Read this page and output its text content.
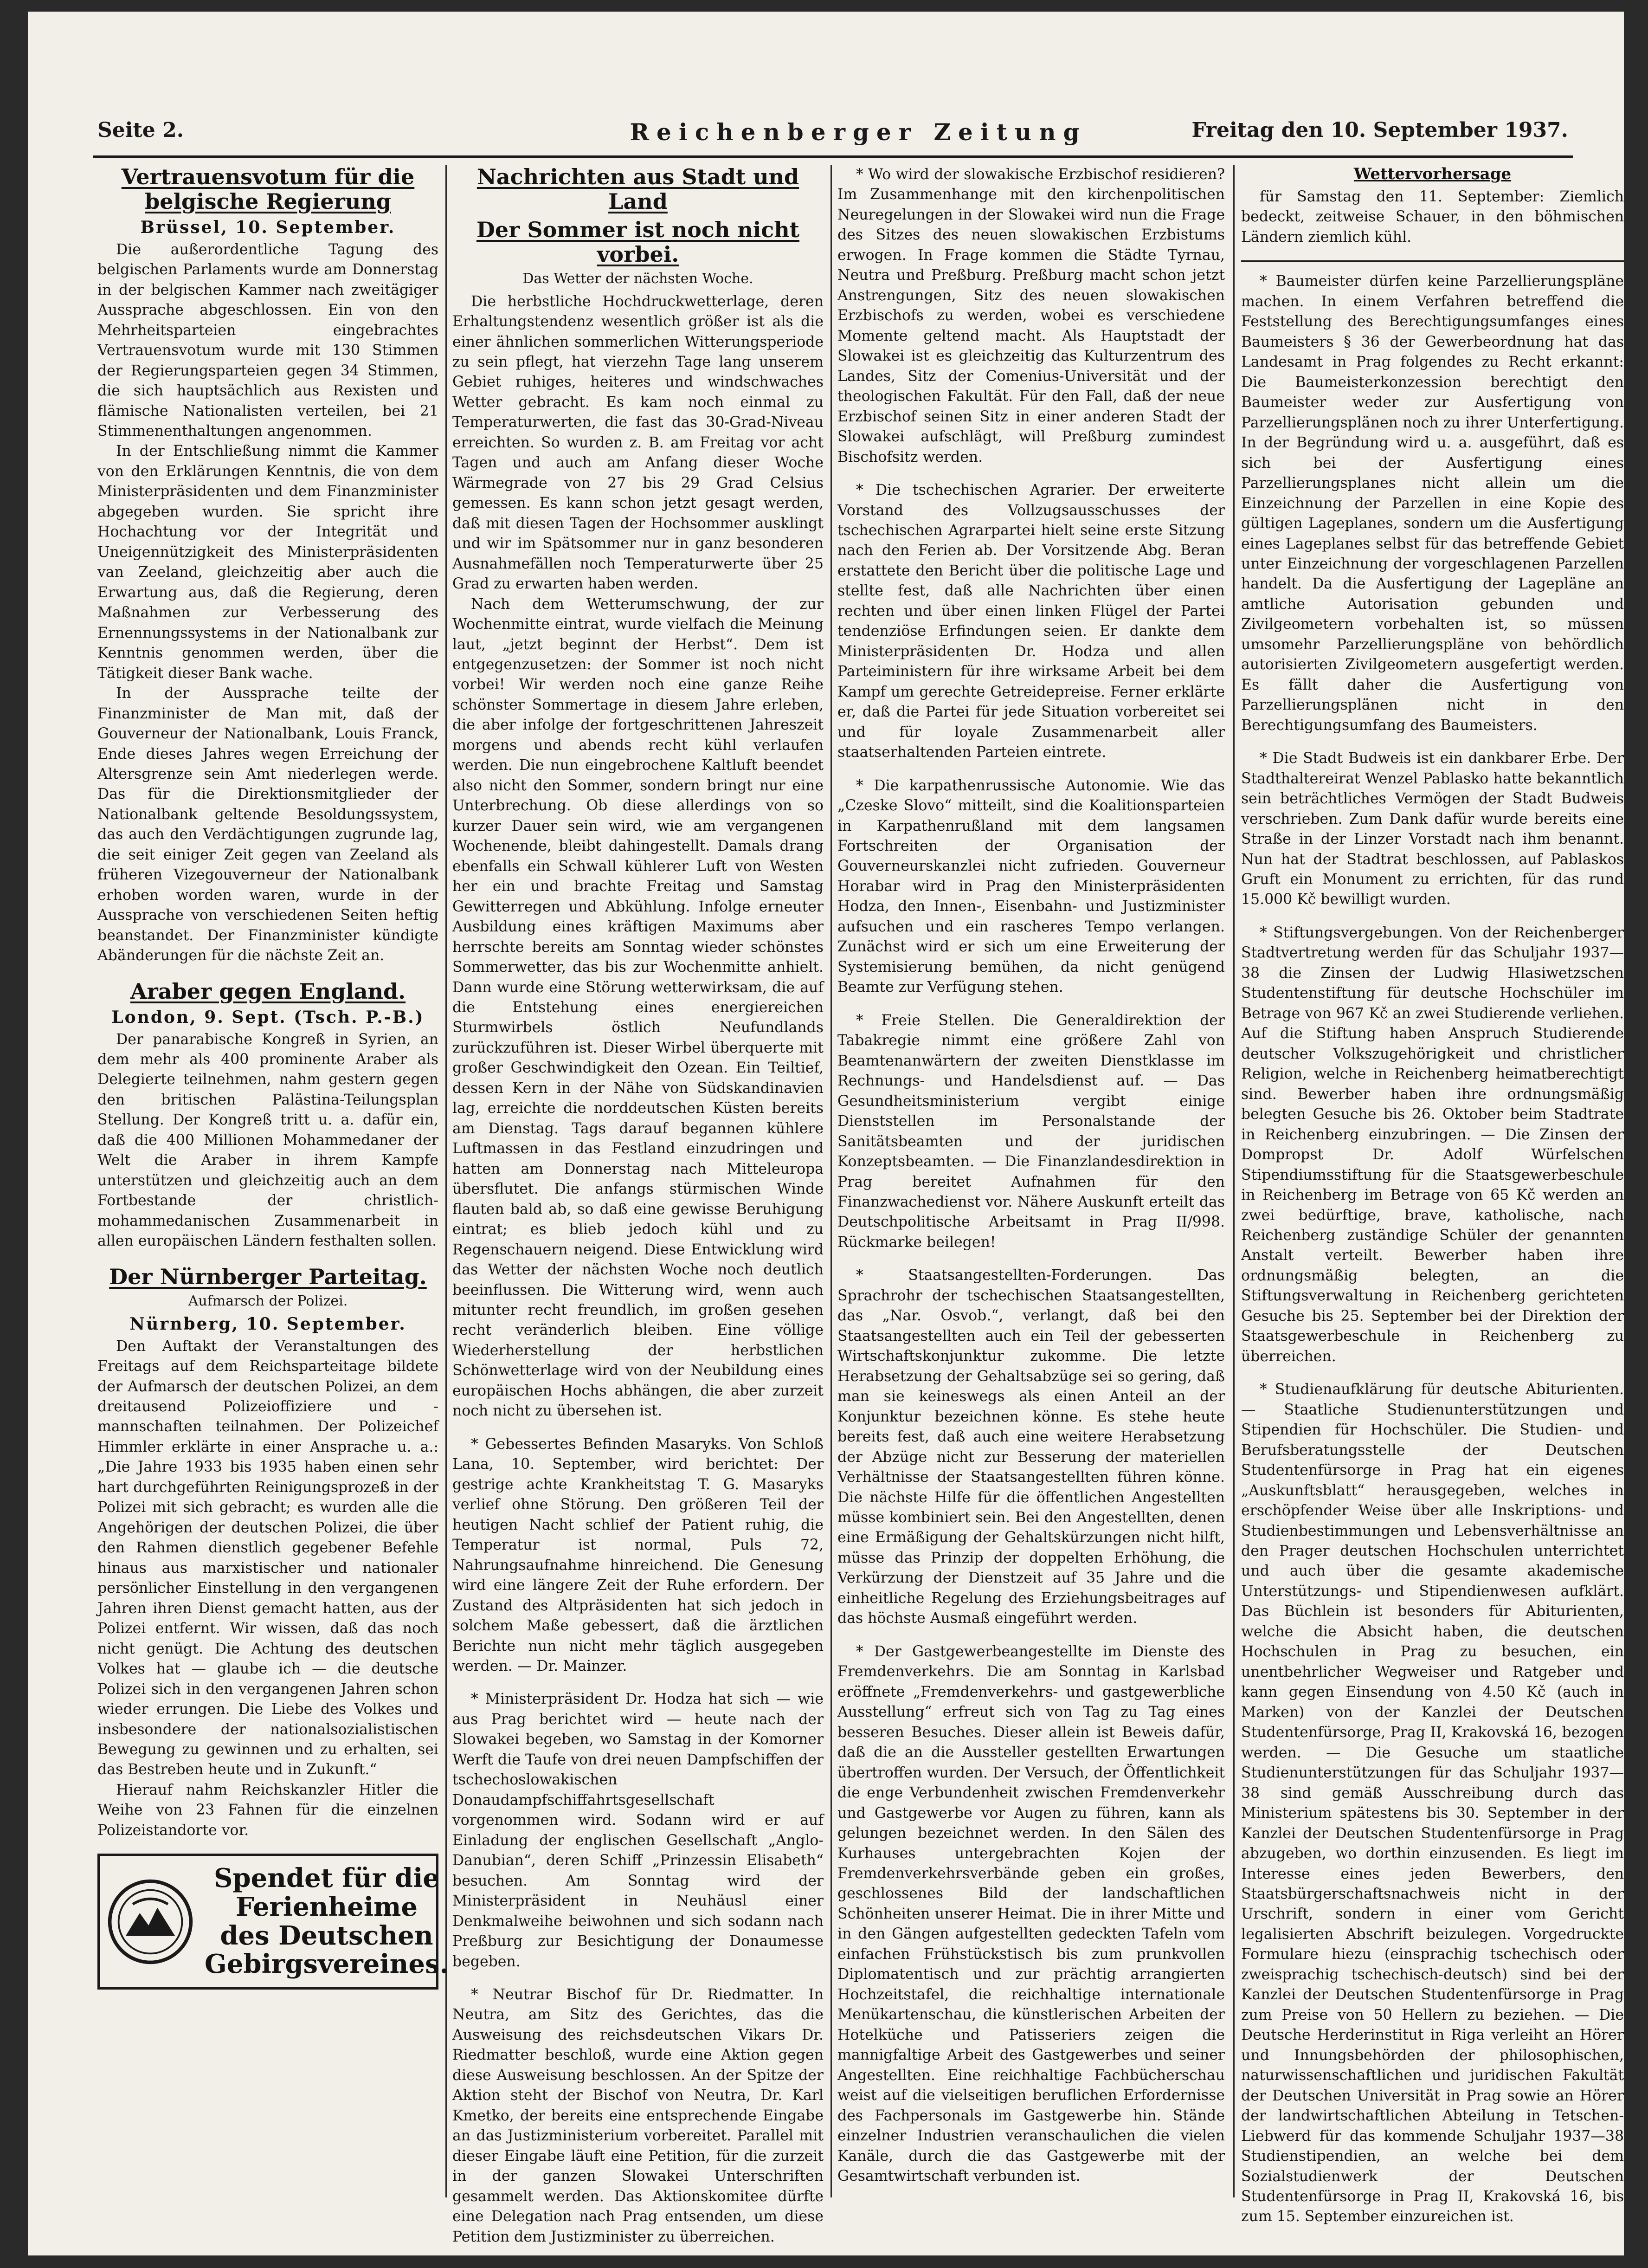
Seite 2.	Reichenberger Zeitung	Freitag den 10. September 1937.
Vertrauensvotum für die belgische Regierung
Brüssel, 10. September.

Die außerordentliche Tagung des belgischen Parlaments wurde am Donnerstag in der belgischen Kammer nach zweitägiger Aussprache abgeschlossen. Ein von den Mehrheitsparteien eingebrachtes Vertrauensvotum wurde mit 130 Stimmen der Regierungsparteien gegen 34 Stimmen, die sich hauptsächlich aus Rexisten und flämische Nationalisten verteilen, bei 21 Stimmenenthaltungen angenommen.

In der Entschließung nimmt die Kammer von den Erklärungen Kenntnis, die von dem Ministerpräsidenten und dem Finanzminister abgegeben wurden. Sie spricht ihre Hochachtung vor der Integrität und Uneigennützigkeit des Ministerpräsidenten van Zeeland, gleichzeitig aber auch die Erwartung aus, daß die Regierung, deren Maßnahmen zur Verbesserung des Ernennungssystems in der Nationalbank zur Kenntnis genommen werden, über die Tätigkeit dieser Bank wache.

In der Aussprache teilte der Finanzminister de Man mit, daß der Gouverneur der Nationalbank, Louis Franck, Ende dieses Jahres wegen Erreichung der Altersgrenze sein Amt niederlegen werde. Das für die Direktionsmitglieder der Nationalbank geltende Besoldungssystem, das auch den Verdächtigungen zugrunde lag, die seit einiger Zeit gegen van Zeeland als früheren Vizegouverneur der Nationalbank erhoben worden waren, wurde in der Aussprache von verschiedenen Seiten heftig beanstandet. Der Finanzminister kündigte Abänderungen für die nächste Zeit an.

Araber gegen England.
London, 9. Sept. (Tsch. P.-B.)

Der panarabische Kongreß in Syrien, an dem mehr als 400 prominente Araber als Delegierte teilnehmen, nahm gestern gegen den britischen Palästina-Teilungsplan Stellung. Der Kongreß tritt u. a. dafür ein, daß die 400 Millionen Mohammedaner der Welt die Araber in ihrem Kampfe unterstützen und gleichzeitig auch an dem Fortbestande der christlich-mohammedanischen Zusammenarbeit in allen europäischen Ländern festhalten sollen.

Der Nürnberger Parteitag.
Aufmarsch der Polizei.
Nürnberg, 10. September.

Den Auftakt der Veranstaltungen des Freitags auf dem Reichsparteitage bildete der Aufmarsch der deutschen Polizei, an dem dreitausend Polizeioffiziere und -mannschaften teilnahmen. Der Polizeichef Himmler erklärte in einer Ansprache u. a.: „Die Jahre 1933 bis 1935 haben einen sehr hart durchgeführten Reinigungsprozeß in der Polizei mit sich gebracht; es wurden alle die Angehörigen der deutschen Polizei, die über den Rahmen dienstlich gegebener Befehle hinaus aus marxistischer und nationaler persönlicher Einstellung in den vergangenen Jahren ihren Dienst gemacht hatten, aus der Polizei entfernt. Wir wissen, daß das noch nicht genügt. Die Achtung des deutschen Volkes hat — glaube ich — die deutsche Polizei sich in den vergangenen Jahren schon wieder errungen. Die Liebe des Volkes und insbesondere der nationalsozialistischen Bewegung zu gewinnen und zu erhalten, sei das Bestreben heute und in Zukunft.“

Hierauf nahm Reichskanzler Hitler die Weihe von 23 Fahnen für die einzelnen Polizeistandorte vor.

Spendet für die
Ferienheime
des Deutschen
Gebirgsvereines.
Nachrichten aus Stadt und Land
Der Sommer ist noch nicht vorbei.
Das Wetter der nächsten Woche.

Die herbstliche Hochdruckwetterlage, deren Erhaltungstendenz wesentlich größer ist als die einer ähnlichen sommerlichen Witterungsperiode zu sein pflegt, hat vierzehn Tage lang unserem Gebiet ruhiges, heiteres und windschwaches Wetter gebracht. Es kam noch einmal zu Temperaturwerten, die fast das 30-Grad-Niveau erreichten. So wurden z. B. am Freitag vor acht Tagen und auch am Anfang dieser Woche Wärmegrade von 27 bis 29 Grad Celsius gemessen. Es kann schon jetzt gesagt werden, daß mit diesen Tagen der Hochsommer ausklingt und wir im Spätsommer nur in ganz besonderen Ausnahmefällen noch Temperaturwerte über 25 Grad zu erwarten haben werden.

Nach dem Wetterumschwung, der zur Wochenmitte eintrat, wurde vielfach die Meinung laut, „jetzt beginnt der Herbst“. Dem ist entgegenzusetzen: der Sommer ist noch nicht vorbei! Wir werden noch eine ganze Reihe schönster Sommertage in diesem Jahre erleben, die aber infolge der fortgeschrittenen Jahreszeit morgens und abends recht kühl verlaufen werden. Die nun eingebrochene Kaltluft beendet also nicht den Sommer, sondern bringt nur eine Unterbrechung. Ob diese allerdings von so kurzer Dauer sein wird, wie am vergangenen Wochenende, bleibt dahingestellt. Damals drang ebenfalls ein Schwall kühlerer Luft von Westen her ein und brachte Freitag und Samstag Gewitterregen und Abkühlung. Infolge erneuter Ausbildung eines kräftigen Maximums aber herrschte bereits am Sonntag wieder schönstes Sommerwetter, das bis zur Wochenmitte anhielt. Dann wurde eine Störung wetterwirksam, die auf die Entstehung eines energiereichen Sturmwirbels östlich Neufundlands zurückzuführen ist. Dieser Wirbel überquerte mit großer Geschwindigkeit den Ozean. Ein Teiltief, dessen Kern in der Nähe von Südskandinavien lag, erreichte die norddeutschen Küsten bereits am Dienstag. Tags darauf begannen kühlere Luftmassen in das Festland einzudringen und hatten am Donnerstag nach Mitteleuropa übersflutet. Die anfangs stürmischen Winde flauten bald ab, so daß eine gewisse Beruhigung eintrat; es blieb jedoch kühl und zu Regenschauern neigend. Diese Entwicklung wird das Wetter der nächsten Woche noch deutlich beeinflussen. Die Witterung wird, wenn auch mitunter recht freundlich, im großen gesehen recht veränderlich bleiben. Eine völlige Wiederherstellung der herbstlichen Schönwetterlage wird von der Neubildung eines europäischen Hochs abhängen, die aber zurzeit noch nicht zu übersehen ist.

* Gebessertes Befinden Masaryks. Von Schloß Lana, 10. September, wird berichtet: Der gestrige achte Krankheitstag T. G. Masaryks verlief ohne Störung. Den größeren Teil der heutigen Nacht schlief der Patient ruhig, die Temperatur ist normal, Puls 72, Nahrungsaufnahme hinreichend. Die Genesung wird eine längere Zeit der Ruhe erfordern. Der Zustand des Altpräsidenten hat sich jedoch in solchem Maße gebessert, daß die ärztlichen Berichte nun nicht mehr täglich ausgegeben werden. — Dr. Mainzer.

* Ministerpräsident Dr. Hodza hat sich — wie aus Prag berichtet wird — heute nach der Slowakei begeben, wo Samstag in der Komorner Werft die Taufe von drei neuen Dampfschiffen der tschechoslowakischen Donaudampfschiffahrtsgesellschaft vorgenommen wird. Sodann wird er auf Einladung der englischen Gesellschaft „Anglo-Danubian“, deren Schiff „Prinzessin Elisabeth“ besuchen. Am Sonntag wird der Ministerpräsident in Neuhäusl einer Denkmalweihe beiwohnen und sich sodann nach Preßburg zur Besichtigung der Donaumesse begeben.

* Neutrar Bischof für Dr. Riedmatter. In Neutra, am Sitz des Gerichtes, das die Ausweisung des reichsdeutschen Vikars Dr. Riedmatter beschloß, wurde eine Aktion gegen diese Ausweisung beschlossen. An der Spitze der Aktion steht der Bischof von Neutra, Dr. Karl Kmetko, der bereits eine entsprechende Eingabe an das Justizministerium vorbereitet. Parallel mit dieser Eingabe läuft eine Petition, für die zurzeit in der ganzen Slowakei Unterschriften gesammelt werden. Das Aktionskomitee dürfte eine Delegation nach Prag entsenden, um diese Petition dem Justizminister zu überreichen.

* Wo wird der slowakische Erzbischof residieren? Im Zusammenhange mit den kirchenpolitischen Neuregelungen in der Slowakei wird nun die Frage des Sitzes des neuen slowakischen Erzbistums erwogen. In Frage kommen die Städte Tyrnau, Neutra und Preßburg. Preßburg macht schon jetzt Anstrengungen, Sitz des neuen slowakischen Erzbischofs zu werden, wobei es verschiedene Momente geltend macht. Als Hauptstadt der Slowakei ist es gleichzeitig das Kulturzentrum des Landes, Sitz der Comenius-Universität und der theologischen Fakultät. Für den Fall, daß der neue Erzbischof seinen Sitz in einer anderen Stadt der Slowakei aufschlägt, will Preßburg zumindest Bischofsitz werden.

* Die tschechischen Agrarier. Der erweiterte Vorstand des Vollzugsausschusses der tschechischen Agrarpartei hielt seine erste Sitzung nach den Ferien ab. Der Vorsitzende Abg. Beran erstattete den Bericht über die politische Lage und stellte fest, daß alle Nachrichten über einen rechten und über einen linken Flügel der Partei tendenziöse Erfindungen seien. Er dankte dem Ministerpräsidenten Dr. Hodza und allen Parteiministern für ihre wirksame Arbeit bei dem Kampf um gerechte Getreidepreise. Ferner erklärte er, daß die Partei für jede Situation vorbereitet sei und für loyale Zusammenarbeit aller staatserhaltenden Parteien eintrete.

* Die karpathenrussische Autonomie. Wie das „Czeske Slovo“ mitteilt, sind die Koalitionsparteien in Karpathenrußland mit dem langsamen Fortschreiten der Organisation der Gouverneurskanzlei nicht zufrieden. Gouverneur Horabar wird in Prag den Ministerpräsidenten Hodza, den Innen-, Eisenbahn- und Justizminister aufsuchen und ein rascheres Tempo verlangen. Zunächst wird er sich um eine Erweiterung der Systemisierung bemühen, da nicht genügend Beamte zur Verfügung stehen.

* Freie Stellen. Die Generaldirektion der Tabakregie nimmt eine größere Zahl von Beamtenanwärtern der zweiten Dienstklasse im Rechnungs- und Handelsdienst auf. — Das Gesundheitsministerium vergibt einige Dienststellen im Personalstande der Sanitätsbeamten und der juridischen Konzeptsbeamten. — Die Finanzlandesdirektion in Prag bereitet Aufnahmen für den Finanzwachedienst vor. Nähere Auskunft erteilt das Deutschpolitische Arbeitsamt in Prag II/998. Rückmarke beilegen!

* Staatsangestellten-Forderungen. Das Sprachrohr der tschechischen Staatsangestellten, das „Nar. Osvob.“, verlangt, daß bei den Staatsangestellten auch ein Teil der gebesserten Wirtschaftskonjunktur zukomme. Die letzte Herabsetzung der Gehaltsabzüge sei so gering, daß man sie keineswegs als einen Anteil an der Konjunktur bezeichnen könne. Es stehe heute bereits fest, daß auch eine weitere Herabsetzung der Abzüge nicht zur Besserung der materiellen Verhältnisse der Staatsangestellten führen könne. Die nächste Hilfe für die öffentlichen Angestellten müsse kombiniert sein. Bei den Angestellten, denen eine Ermäßigung der Gehaltskürzungen nicht hilft, müsse das Prinzip der doppelten Erhöhung, die Verkürzung der Dienstzeit auf 35 Jahre und die einheitliche Regelung des Erziehungsbeitrages auf das höchste Ausmaß eingeführt werden.

* Der Gastgewerbeangestellte im Dienste des Fremdenverkehrs. Die am Sonntag in Karlsbad eröffnete „Fremdenverkehrs- und gastgewerbliche Ausstellung“ erfreut sich von Tag zu Tag eines besseren Besuches. Dieser allein ist Beweis dafür, daß die an die Aussteller gestellten Erwartungen übertroffen wurden. Der Versuch, der Öffentlichkeit die enge Verbundenheit zwischen Fremdenverkehr und Gastgewerbe vor Augen zu führen, kann als gelungen bezeichnet werden. In den Sälen des Kurhauses untergebrachten Kojen der Fremdenverkehrsverbände geben ein großes, geschlossenes Bild der landschaftlichen Schönheiten unserer Heimat. Die in ihrer Mitte und in den Gängen aufgestellten gedeckten Tafeln vom einfachen Frühstückstisch bis zum prunkvollen Diplomatentisch und zur prächtig arrangierten Hochzeitstafel, die reichhaltige internationale Menükartenschau, die künstlerischen Arbeiten der Hotelküche und Patisseriers zeigen die mannigfaltige Arbeit des Gastgewerbes und seiner Angestellten. Eine reichhaltige Fachbücherschau weist auf die vielseitigen beruflichen Erfordernisse des Fachpersonals im Gastgewerbe hin. Stände einzelner Industrien veranschaulichen die vielen Kanäle, durch die das Gastgewerbe mit der Gesamtwirtschaft verbunden ist.

Wettervorhersage

für Samstag den 11. September: Ziemlich bedeckt, zeitweise Schauer, in den böhmischen Ländern ziemlich kühl.

* Baumeister dürfen keine Parzellierungspläne machen. In einem Verfahren betreffend die Feststellung des Berechtigungsumfanges eines Baumeisters § 36 der Gewerbeordnung hat das Landesamt in Prag folgendes zu Recht erkannt: Die Baumeisterkonzession berechtigt den Baumeister weder zur Ausfertigung von Parzellierungsplänen noch zu ihrer Unterfertigung. In der Begründung wird u. a. ausgeführt, daß es sich bei der Ausfertigung eines Parzellierungsplanes nicht allein um die Einzeichnung der Parzellen in eine Kopie des gültigen Lageplanes, sondern um die Ausfertigung eines Lageplanes selbst für das betreffende Gebiet unter Einzeichnung der vorgeschlagenen Parzellen handelt. Da die Ausfertigung der Lagepläne an amtliche Autorisation gebunden und Zivilgeometern vorbehalten ist, so müssen umsomehr Parzellierungspläne von behördlich autorisierten Zivilgeometern ausgefertigt werden. Es fällt daher die Ausfertigung von Parzellierungsplänen nicht in den Berechtigungsumfang des Baumeisters.

* Die Stadt Budweis ist ein dankbarer Erbe. Der Stadthaltereirat Wenzel Pablasko hatte bekanntlich sein beträchtliches Vermögen der Stadt Budweis verschrieben. Zum Dank dafür wurde bereits eine Straße in der Linzer Vorstadt nach ihm benannt. Nun hat der Stadtrat beschlossen, auf Pablaskos Gruft ein Monument zu errichten, für das rund 15.000 Kč bewilligt wurden.

* Stiftungsvergebungen. Von der Reichenberger Stadtvertretung werden für das Schuljahr 1937—38 die Zinsen der Ludwig Hlasiwetzschen Studentenstiftung für deutsche Hochschüler im Betrage von 967 Kč an zwei Studierende verliehen. Auf die Stiftung haben Anspruch Studierende deutscher Volkszugehörigkeit und christlicher Religion, welche in Reichenberg heimatberechtigt sind. Bewerber haben ihre ordnungsmäßig belegten Gesuche bis 26. Oktober beim Stadtrate in Reichenberg einzubringen. — Die Zinsen der Dompropst Dr. Adolf Würfelschen Stipendiumsstiftung für die Staatsgewerbeschule in Reichenberg im Betrage von 65 Kč werden an zwei bedürftige, brave, katholische, nach Reichenberg zuständige Schüler der genannten Anstalt verteilt. Bewerber haben ihre ordnungsmäßig belegten, an die Stiftungsverwaltung in Reichenberg gerichteten Gesuche bis 25. September bei der Direktion der Staatsgewerbeschule in Reichenberg zu überreichen.

* Studienaufklärung für deutsche Abiturienten. — Staatliche Studienunterstützungen und Stipendien für Hochschüler. Die Studien- und Berufsberatungsstelle der Deutschen Studentenfürsorge in Prag hat ein eigenes „Auskunftsblatt“ herausgegeben, welches in erschöpfender Weise über alle Inskriptions- und Studienbestimmungen und Lebensverhältnisse an den Prager deutschen Hochschulen unterrichtet und auch über die gesamte akademische Unterstützungs- und Stipendienwesen aufklärt. Das Büchlein ist besonders für Abiturienten, welche die Absicht haben, die deutschen Hochschulen in Prag zu besuchen, ein unentbehrlicher Wegweiser und Ratgeber und kann gegen Einsendung von 4.50 Kč (auch in Marken) von der Kanzlei der Deutschen Studentenfürsorge, Prag II, Krakovská 16, bezogen werden. — Die Gesuche um staatliche Studienunterstützungen für das Schuljahr 1937—38 sind gemäß Ausschreibung durch das Ministerium spätestens bis 30. September in der Kanzlei der Deutschen Studentenfürsorge in Prag abzugeben, wo dorthin einzusenden. Es liegt im Interesse eines jeden Bewerbers, den Staatsbürgerschaftsnachweis nicht in der Urschrift, sondern in einer vom Gericht legalisierten Abschrift beizulegen. Vorgedruckte Formulare hiezu (einsprachig tschechisch oder zweisprachig tschechisch-deutsch) sind bei der Kanzlei der Deutschen Studentenfürsorge in Prag zum Preise von 50 Hellern zu beziehen. — Die Deutsche Herderinstitut in Riga verleiht an Hörer und Innungsbehörden der philosophischen, naturwissenschaftlichen und juridischen Fakultät der Deutschen Universität in Prag sowie an Hörer der landwirtschaftlichen Abteilung in Tetschen-Liebwerd für das kommende Schuljahr 1937—38 Studienstipendien, an welche bei dem Sozialstudienwerk der Deutschen Studentenfürsorge in Prag II, Krakovská 16, bis zum 15. September einzureichen ist.
